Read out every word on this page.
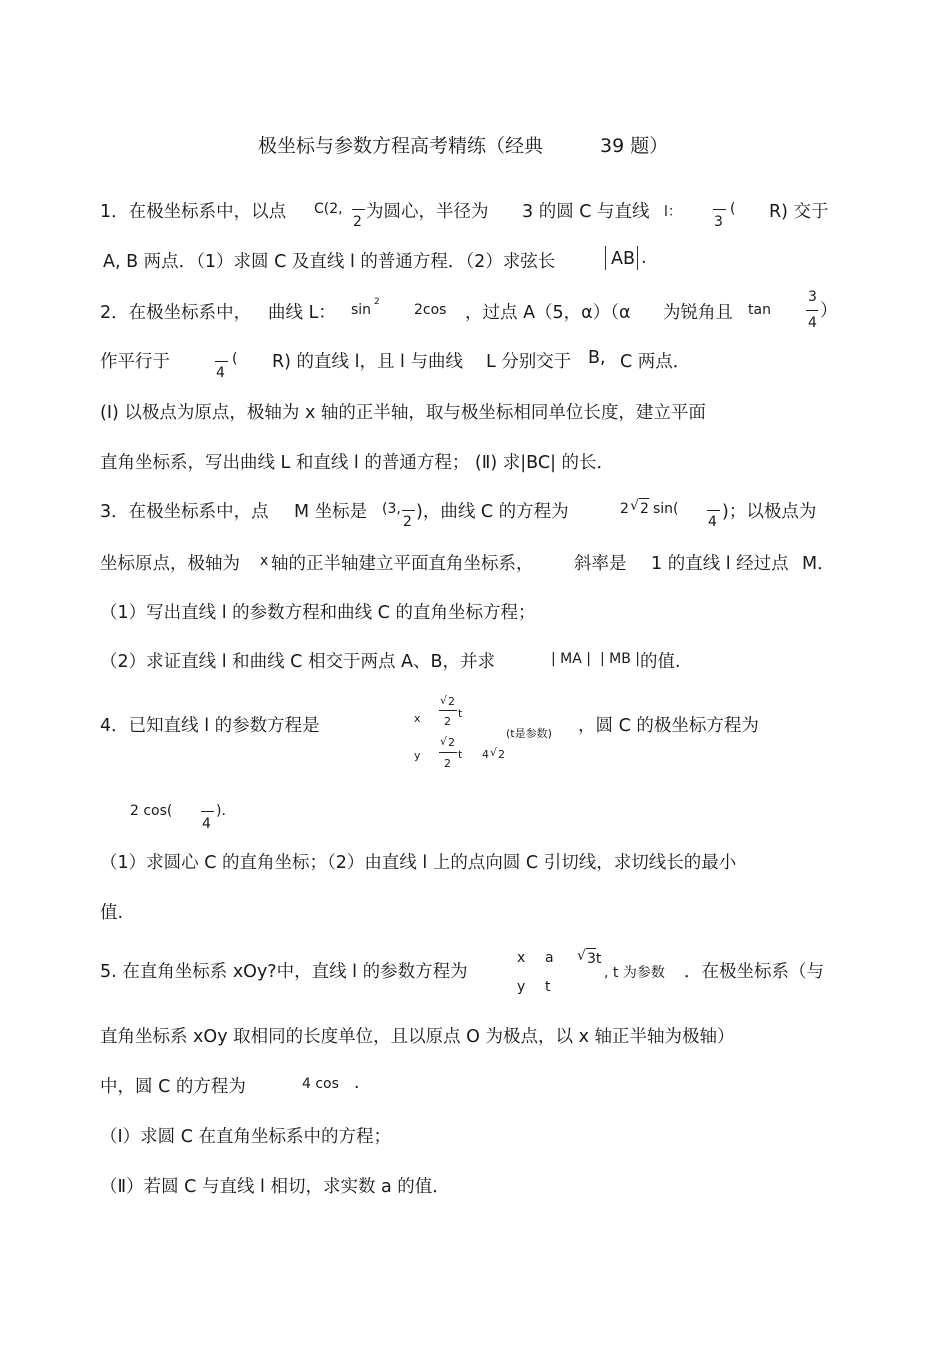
极坐标与参数方程高考精练（经典	39 题）
1．在极坐标系中，以点 C(2,
2 为圆心，半径为 3 的圆 C 与直线 l：
3
( R) 交于
A, B 两点．（1）求圆 C 及直线 l 的普通方程．（2）求弦长	AB .
2．在极坐标系中， 曲线 L： sin 2 2cos ，过点 A（5，α）（α 为锐角且 tan
3
4
）
作平行于
4
( R) 的直线 l，且 l 与曲线 L 分别交于 B, C 两点．
(Ⅰ) 以极点为原点，极轴为 x 轴的正半轴，取与极坐标相同单位长度，建立平面
直角坐标系，写出曲线 L 和直线 l 的普通方程； (Ⅱ) 求|BC| 的长．
3．在极坐标系中，点 M 坐标是 (3,
2 )，曲线 C 的方程为	2 √ 2 sin(
4 )；以极点为
坐标原点，极轴为 x 轴的正半轴建立平面直角坐标系， 斜率是 1 的直线 l 经过点 M．
（1）写出直线 l 的参数方程和曲线 C 的直角坐标方程；
（2）求证直线 l 和曲线 C 相交于两点 A、B，并求	| MA | | MB | 的值.
4．已知直线 l 的参数方程是	x
√ 2
2
t
y
√ 2
2
t 4 √ 2
(t是参数) ，圆 C 的极坐标方程为
2 cos(
4
).
（1）求圆心 C 的直角坐标；（2）由直线 l 上的点向圆 C 引切线，求切线长的最小
值.
5. 在直角坐标系 xOy?中，直线 l 的参数方程为
x a √ 3t
y t
, t 为参数 ．在极坐标系（与
直角坐标系 xOy 取相同的长度单位，且以原点 O 为极点，以 x 轴正半轴为极轴）
中，圆 C 的方程为	4 cos .
（Ⅰ）求圆 C 在直角坐标系中的方程；
（Ⅱ）若圆 C 与直线 l 相切，求实数 a 的值．
